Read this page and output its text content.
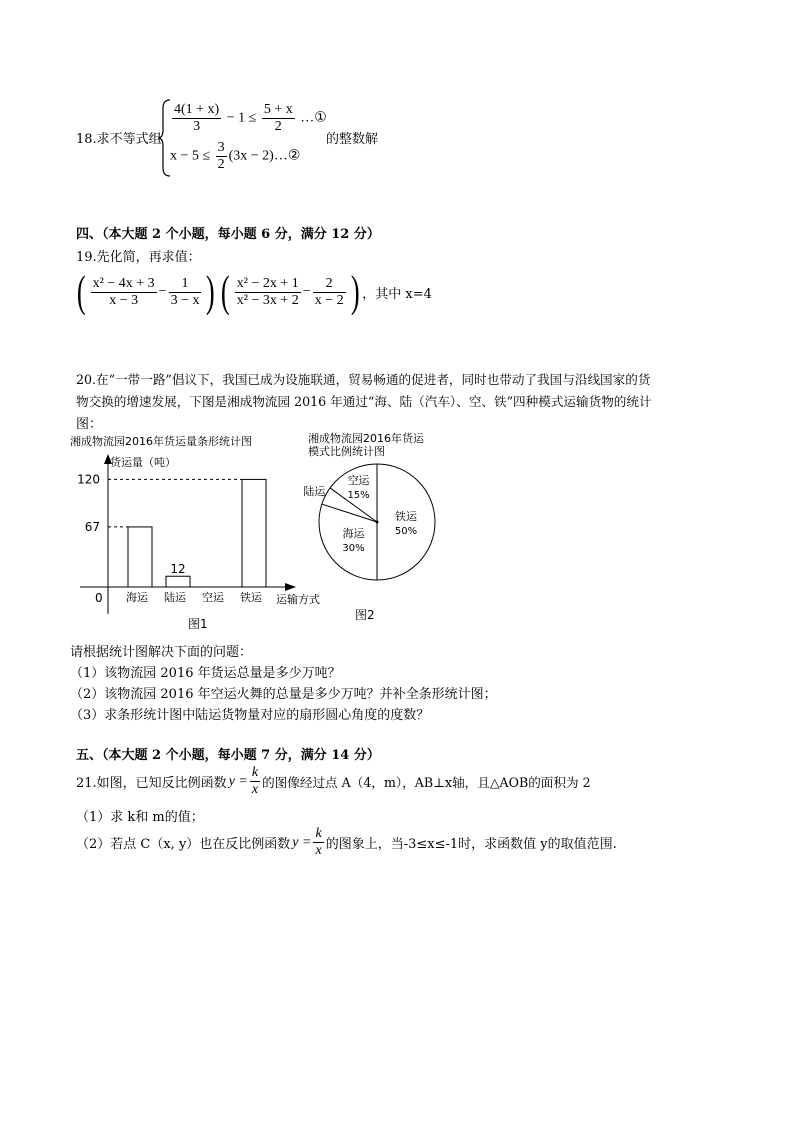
18.求不等式组
$\frac{4(1 + x)}{3} - 1 \le \frac{5 + x}{2}$ …①
$x - 5 \le \frac{3}{2} (3x$ − 2)…②
的整数解
四、（本大题 2 个小题，每小题 6 分，满分 12 分）
19.先化简，再求值：
( $\frac{\text{x² − 4x + 3}}{x - 3} - \frac{1}{3 - x}$ ) ( $\frac{\text{x² − 2x + 1}}{\text{x² − 3x + 2}} - \frac{2}{x - 2}$ ) ，其中 x=4
20.在“一带一路”倡议下，我国已成为设施联通，贸易畅通的促进者，同时也带动了我国与沿线国家的货
物交换的增速发展，下图是湘成物流园 2016 年通过“海、陆（汽车）、空、铁”四种模式运输货物的统计
图：
湘成物流园2016年货运量条形统计图
货运量（吨）
0	运输方式
海运
67
陆运
12
空运 铁运
120
图1
湘成物流园2016年货运
模式比例统计图
铁运
50%
海运
30%
陆运
空运
15%
图2
请根据统计图解决下面的问题：
（1）该物流园 2016 年货运总量是多少万吨？
（2）该物流园 2016 年空运火舞的总量是多少万吨？并补全条形统计图；
（3）求条形统计图中陆运货物量对应的扇形圆心角度的度数？
五、（本大题 2 个小题，每小题 7 分，满分 14 分）
21.如图，已知反比例函数 $y = \frac{k}{x}$ 的图像经过点 A（4，m），AB⊥x轴，且△AOB的面积为 2
（1）求 k和 m的值；
（2）若点 C（x, y）也在反比例函数 $y = \frac{k}{x}$ 的图象上，当-3≤x≤-1时，求函数值 y的取值范围.
